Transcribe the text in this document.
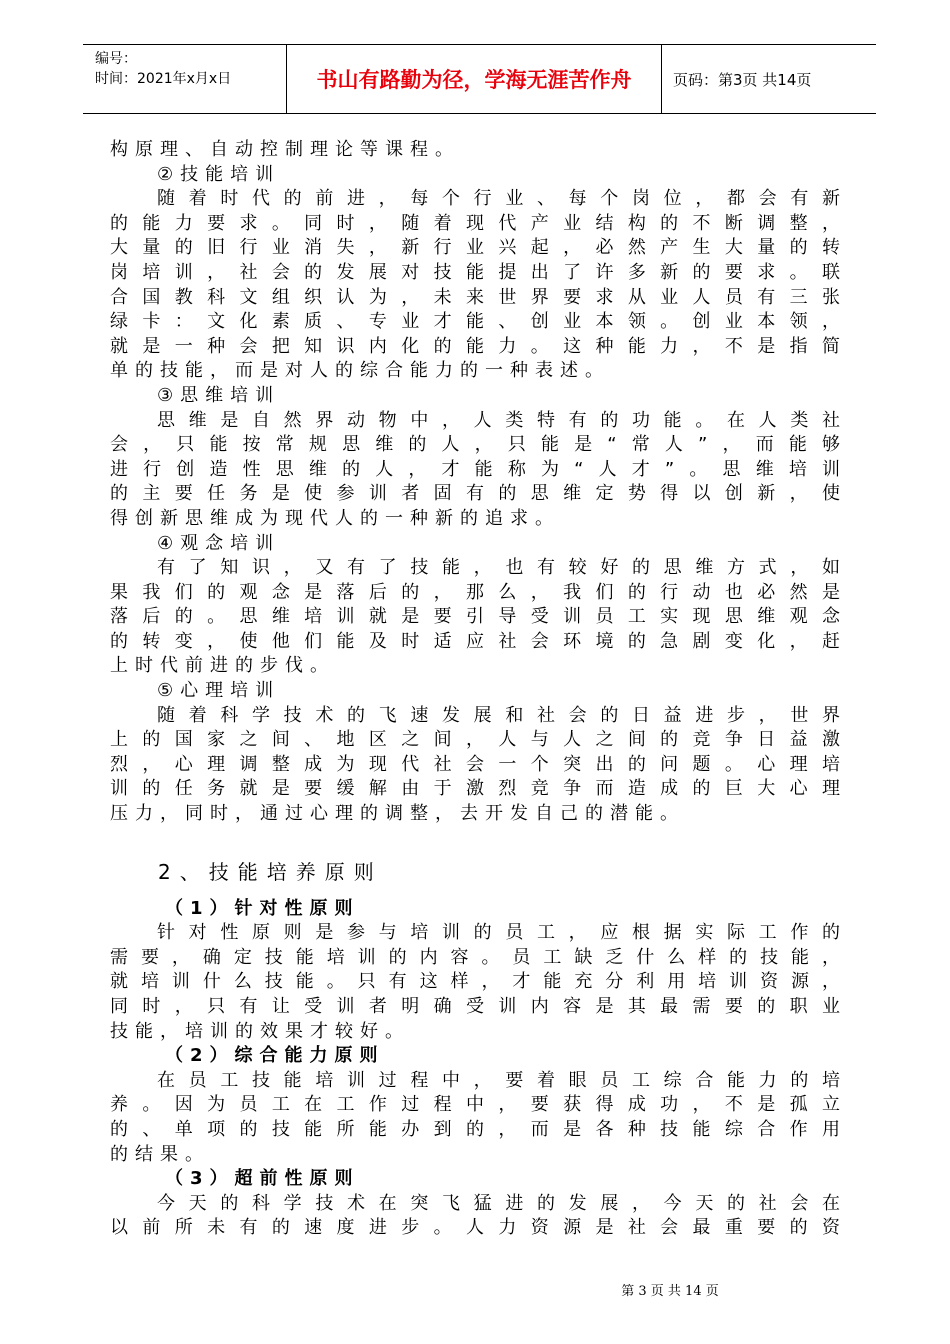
编号：
时间：2021年x月x日	书山有路勤为径，学海无涯苦作舟	页码：第3页 共14页
构原理、自动控制理论等课程。
②技能培训
随着时代的前进，每个行业、每个岗位，都会有新
的能力要求。同时，随着现代产业结构的不断调整，
大量的旧行业消失，新行业兴起，必然产生大量的转
岗培训，社会的发展对技能提出了许多新的要求。联
合国教科文组织认为，未来世界要求从业人员有三张
绿卡：文化素质、专业才能、创业本领。创业本领，
就是一种会把知识内化的能力。这种能力，不是指简
单的技能，而是对人的综合能力的一种表述。
③思维培训
思维是自然界动物中，人类特有的功能。在人类社
会，只能按常规思维的人，只能是“常人”，而能够
进行创造性思维的人，才能称为“人才”。思维培训
的主要任务是使参训者固有的思维定势得以创新，使
得创新思维成为现代人的一种新的追求。
④观念培训
有了知识，又有了技能，也有较好的思维方式，如
果我们的观念是落后的，那么，我们的行动也必然是
落后的。思维培训就是要引导受训员工实现思维观念
的转变，使他们能及时适应社会环境的急剧变化，赶
上时代前进的步伐。
⑤心理培训
随着科学技术的飞速发展和社会的日益进步，世界
上的国家之间、地区之间，人与人之间的竞争日益激
烈，心理调整成为现代社会一个突出的问题。心理培
训的任务就是要缓解由于激烈竞争而造成的巨大心理
压力，同时，通过心理的调整，去开发自己的潜能。
2、技能培养原则
（1）针对性原则
针对性原则是参与培训的员工，应根据实际工作的
需要，确定技能培训的内容。员工缺乏什么样的技能，
就培训什么技能。只有这样，才能充分利用培训资源，
同时，只有让受训者明确受训内容是其最需要的职业
技能，培训的效果才较好。
（2）综合能力原则
在员工技能培训过程中，要着眼员工综合能力的培
养。因为员工在工作过程中，要获得成功，不是孤立
的、单项的技能所能办到的，而是各种技能综合作用
的结果。
（3）超前性原则
今天的科学技术在突飞猛进的发展，今天的社会在
以前所未有的速度进步。人力资源是社会最重要的资
第 3 页 共 14 页
